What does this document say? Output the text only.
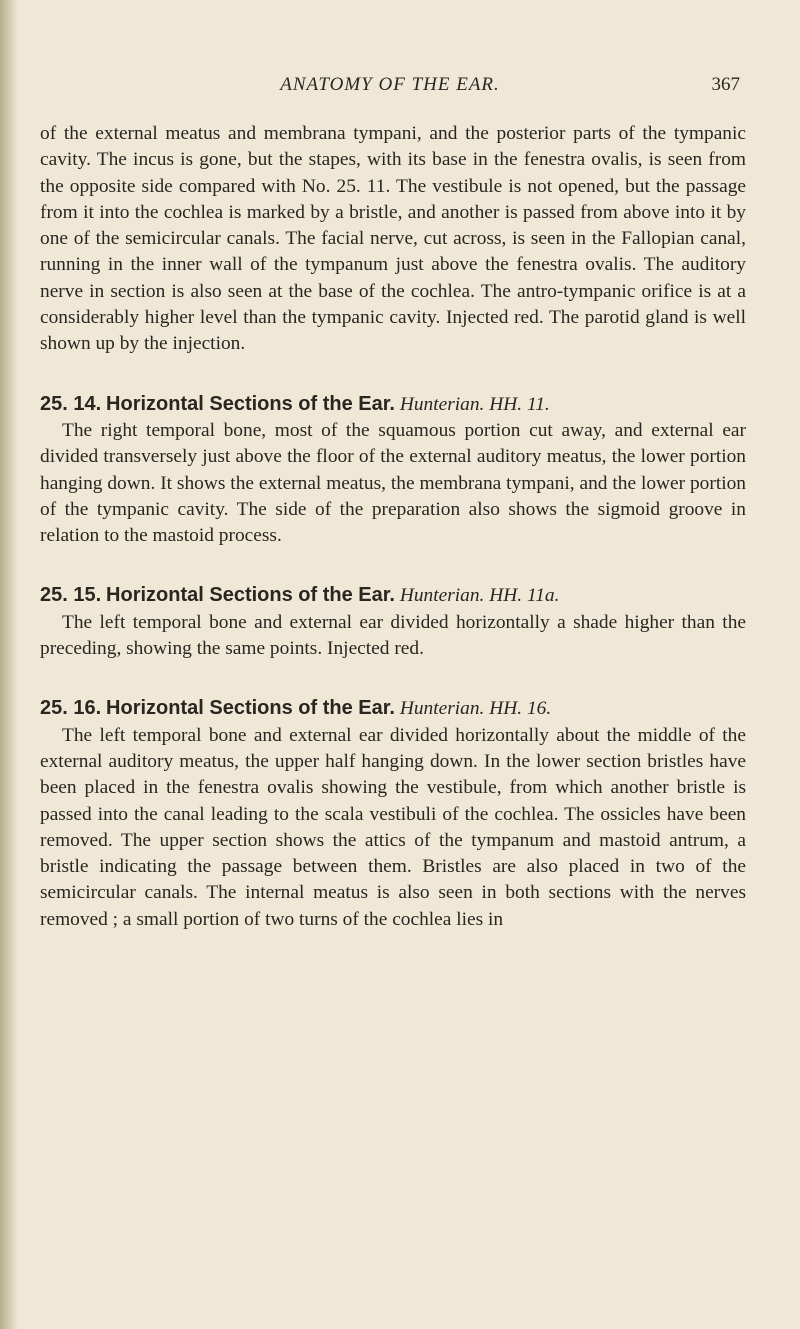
ANATOMY OF THE EAR.	367

of the external meatus and membrana tympani, and the posterior parts of the tympanic cavity. The incus is gone, but the stapes, with its base in the fenestra ovalis, is seen from the opposite side compared with No. 25. 11. The vestibule is not opened, but the passage from it into the cochlea is marked by a bristle, and another is passed from above into it by one of the semicircular canals. The facial nerve, cut across, is seen in the Fallopian canal, running in the inner wall of the tympanum just above the fenestra ovalis. The auditory nerve in section is also seen at the base of the cochlea. The antro-tympanic orifice is at a considerably higher level than the tympanic cavity. Injected red. The parotid gland is well shown up by the injection.

25. 14. Horizontal Sections of the Ear. Hunterian. HH. 11.

The right temporal bone, most of the squamous portion cut away, and external ear divided transversely just above the floor of the external auditory meatus, the lower portion hanging down. It shows the external meatus, the membrana tympani, and the lower portion of the tympanic cavity. The side of the preparation also shows the sigmoid groove in relation to the mastoid process.

25. 15. Horizontal Sections of the Ear. Hunterian. HH. 11a.

The left temporal bone and external ear divided horizontally a shade higher than the preceding, showing the same points. Injected red.

25. 16. Horizontal Sections of the Ear. Hunterian. HH. 16.

The left temporal bone and external ear divided horizontally about the middle of the external auditory meatus, the upper half hanging down. In the lower section bristles have been placed in the fenestra ovalis showing the vestibule, from which another bristle is passed into the canal leading to the scala vestibuli of the cochlea. The ossicles have been removed. The upper section shows the attics of the tympanum and mastoid antrum, a bristle indicating the passage between them. Bristles are also placed in two of the semicircular canals. The internal meatus is also seen in both sections with the nerves removed ; a small portion of two turns of the cochlea lies in
